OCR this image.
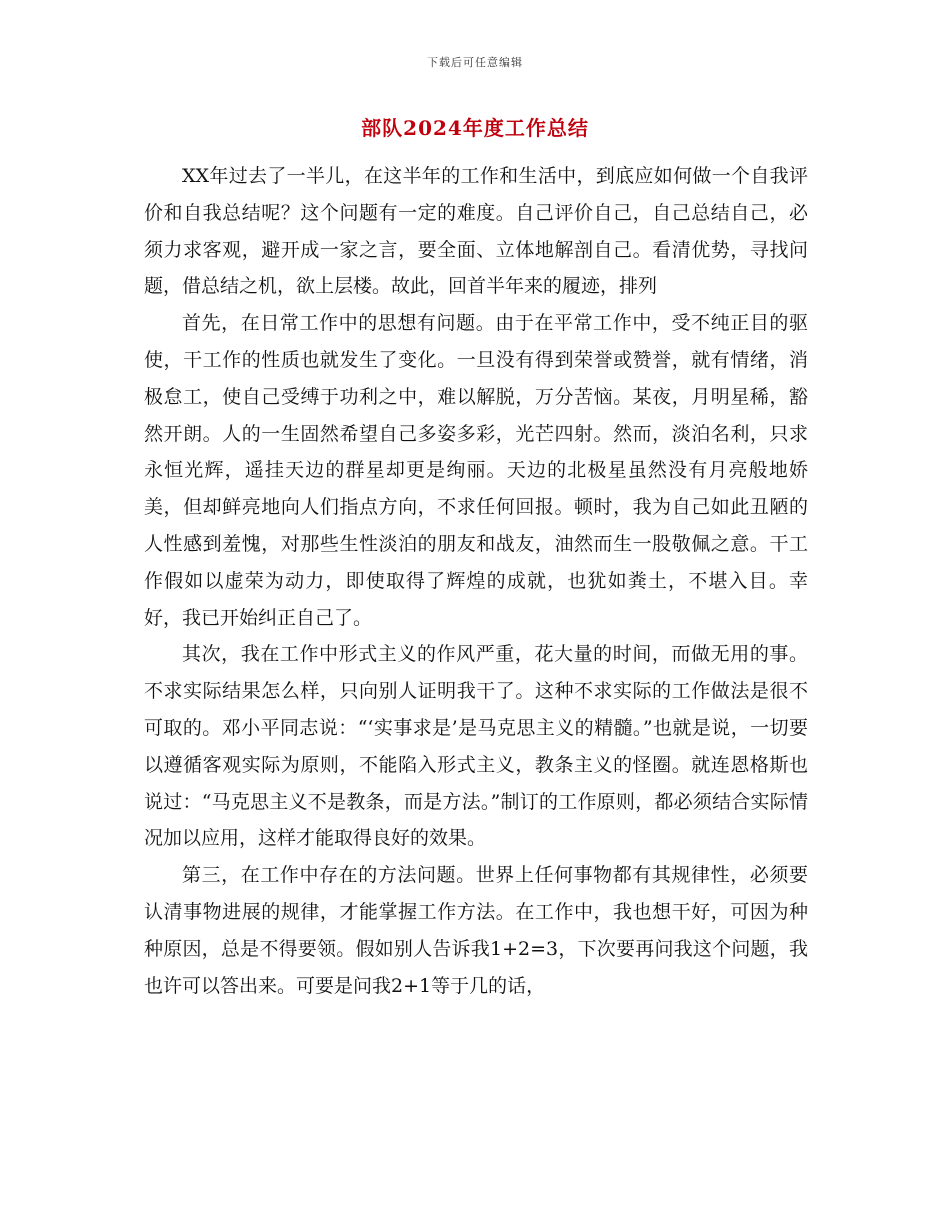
下载后可任意编辑
部队2024年度工作总结

XX年过去了一半儿，在这半年的工作和生活中，到底应如何做一个自我评价和自我总结呢？这个问题有一定的难度。自己评价自己，自己总结自己，必须力求客观，避开成一家之言，要全面、立体地解剖自己。看清优势，寻找问题，借总结之机，欲上层楼。故此，回首半年来的履迹，排列

首先，在日常工作中的思想有问题。由于在平常工作中，受不纯正目的驱使，干工作的性质也就发生了变化。一旦没有得到荣誉或赞誉，就有情绪，消极怠工，使自己受缚于功利之中，难以解脱，万分苦恼。某夜，月明星稀，豁然开朗。人的一生固然希望自己多姿多彩，光芒四射。然而，淡泊名利，只求永恒光辉，遥挂天边的群星却更是绚丽。天边的北极星虽然没有月亮般地娇美，但却鲜亮地向人们指点方向，不求任何回报。顿时，我为自己如此丑陋的人性感到羞愧，对那些生性淡泊的朋友和战友，油然而生一股敬佩之意。干工作假如以虚荣为动力，即使取得了辉煌的成就，也犹如粪土，不堪入目。幸好，我已开始纠正自己了。

其次，我在工作中形式主义的作风严重，花大量的时间，而做无用的事。不求实际结果怎么样，只向别人证明我干了。这种不求实际的工作做法是很不可取的。邓小平同志说：“‘实事求是’是马克思主义的精髓。”也就是说，一切要以遵循客观实际为原则，不能陷入形式主义，教条主义的怪圈。就连恩格斯也说过：“马克思主义不是教条，而是方法。”制订的工作原则，都必须结合实际情况加以应用，这样才能取得良好的效果。

第三，在工作中存在的方法问题。世界上任何事物都有其规律性，必须要认清事物进展的规律，才能掌握工作方法。在工作中，我也想干好，可因为种种原因，总是不得要领。假如别人告诉我1+2=3，下次要再问我这个问题，我也许可以答出来。可要是问我2+1等于几的话，
